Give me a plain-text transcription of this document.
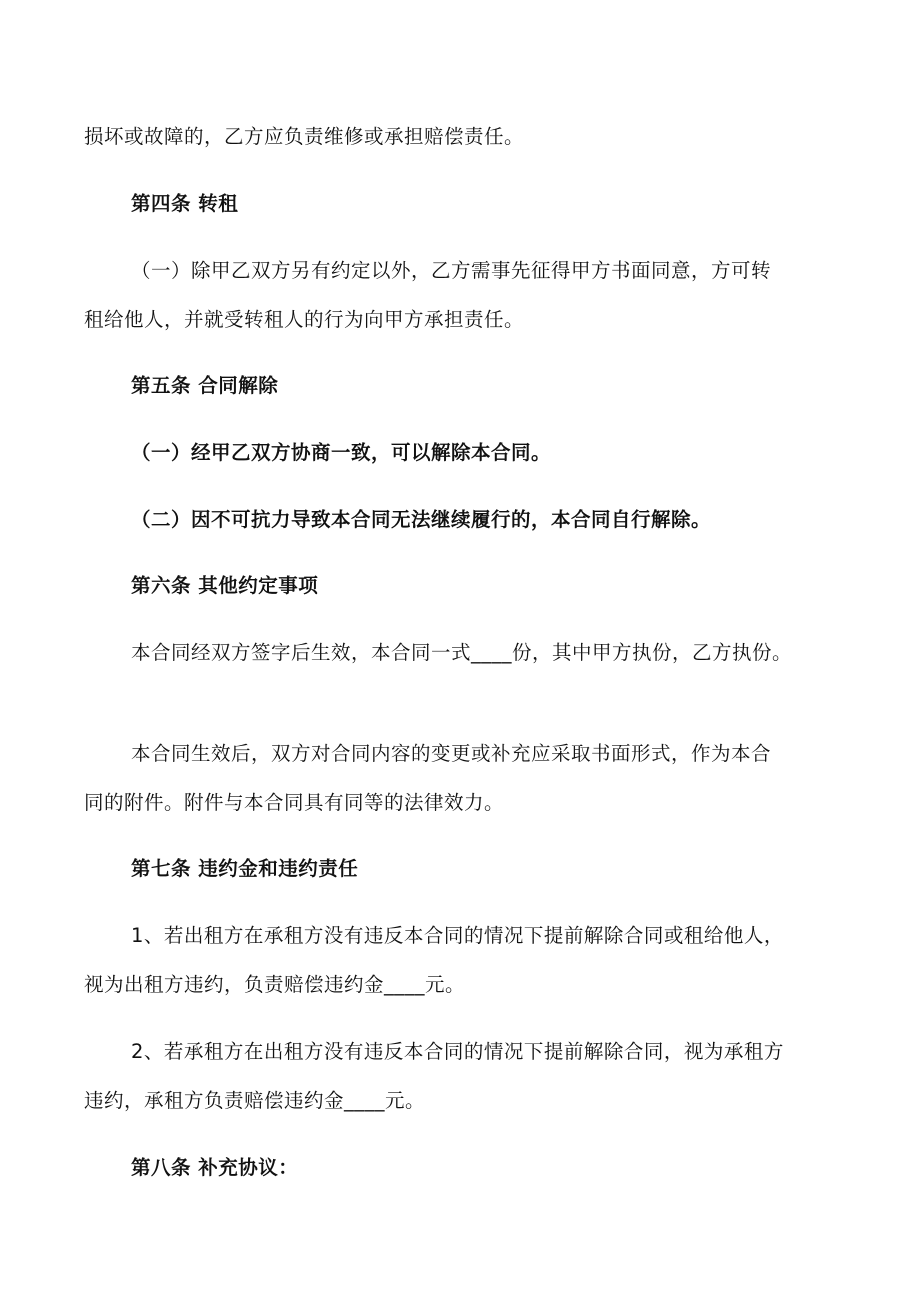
损坏或故障的，乙方应负责维修或承担赔偿责任。
第四条 转租
（一）除甲乙双方另有约定以外，乙方需事先征得甲方书面同意，方可转
租给他人，并就受转租人的行为向甲方承担责任。
第五条 合同解除
（一）经甲乙双方协商一致，可以解除本合同。
（二）因不可抗力导致本合同无法继续履行的，本合同自行解除。
第六条 其他约定事项
本合同经双方签字后生效，本合同一式____份，其中甲方执份，乙方执份。
本合同生效后，双方对合同内容的变更或补充应采取书面形式，作为本合
同的附件。附件与本合同具有同等的法律效力。
第七条 违约金和违约责任
1、若出租方在承租方没有违反本合同的情况下提前解除合同或租给他人，
视为出租方违约，负责赔偿违约金____元。
2、若承租方在出租方没有违反本合同的情况下提前解除合同，视为承租方
违约，承租方负责赔偿违约金____元。
第八条 补充协议：
